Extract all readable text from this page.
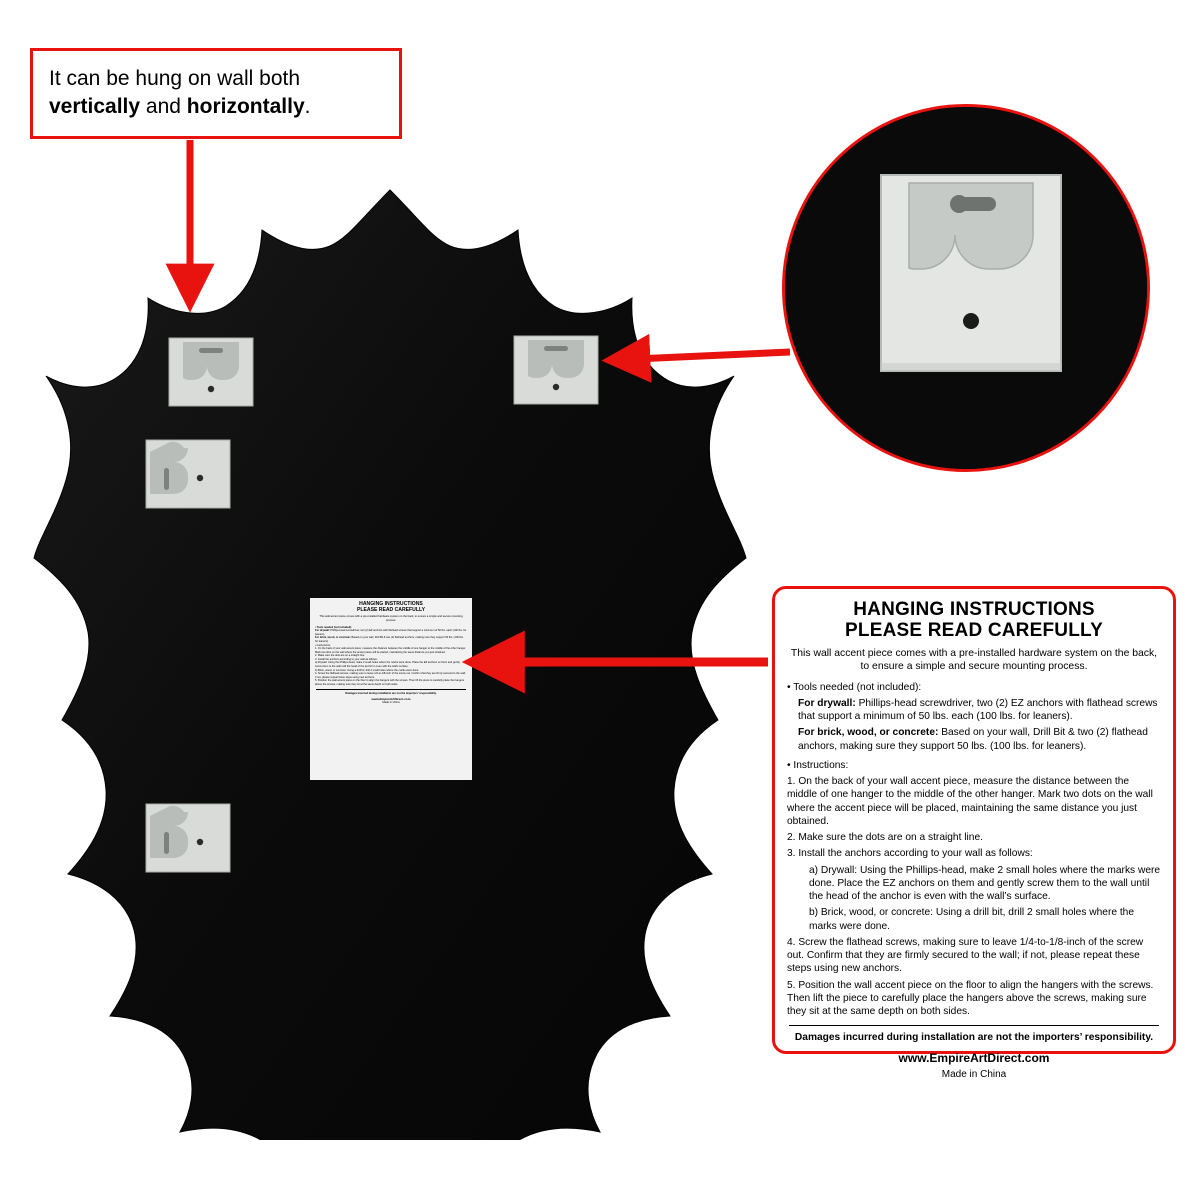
HANGING INSTRUCTIONS
PLEASE READ CAREFULLY
This wall accent piece comes with a pre-installed hardware system on the back, to ensure a simple and secure mounting process.
• Tools needed (not included):
For drywall: Phillips-head screwdriver, two (2) EZ anchors with flathead screws that support a minimum of 50 lbs. each (100 lbs. for leaners).
For brick, wood, or concrete: Based on your wall, Drill Bit & two (2) flathead anchors, making sure they support 50 lbs. (100 lbs. for leaners).
• Instructions:
1. On the back of your wall accent piece, measure the distance between the middle of one hanger to the middle of the other hanger. Mark two dots on the wall where the accent piece will be placed, maintaining the same distance you just obtained.
2. Make sure the dots are on a straight line.
3. Install the anchors according to your wall as follows:
a) Drywall: Using the Phillips-head, make 2 small holes where the marks were done. Place the EZ anchors on them and gently screw them to the wall until the head of the anchor is even with the wall’s surface.
b) Brick, wood, or concrete: Using a drill bit, drill 2 small holes where the marks were done.
4. Screw the flathead screws, making sure to leave 1/4-to-1/8-inch of the screw out. Confirm that they are firmly secured to the wall; if not, please repeat these steps using new anchors.
5. Position the wall accent piece on the floor to align the hangers with the screws. Then lift the piece to carefully place the hangers above the screws, making sure they sit at the same depth on both sides.
Damages incurred during installation are not the importers’ responsibility.
www.EmpireArtDirect.com
Made in China
It can be hung on wall both
vertically and horizontally.
HANGING INSTRUCTIONS
PLEASE READ CAREFULLY
This wall accent piece comes with a pre-installed hardware system on the back,
to ensure a simple and secure mounting process.
• Tools needed (not included):
For drywall: Phillips-head screwdriver, two (2) EZ anchors with flathead screws that support a minimum of 50 lbs. each (100 lbs. for leaners).
For brick, wood, or concrete: Based on your wall, Drill Bit & two (2) flathead anchors, making sure they support 50 lbs. (100 lbs. for leaners).
• Instructions:
1. On the back of your wall accent piece, measure the distance between the middle of one hanger to the middle of the other hanger. Mark two dots on the wall where the accent piece will be placed, maintaining the same distance you just obtained.
2. Make sure the dots are on a straight line.
3. Install the anchors according to your wall as follows:
a) Drywall: Using the Phillips-head, make 2 small holes where the marks were done. Place the EZ anchors on them and gently screw them to the wall until the head of the anchor is even with the wall’s surface.
b) Brick, wood, or concrete: Using a drill bit, drill 2 small holes where the marks were done.
4. Screw the flathead screws, making sure to leave 1/4-to-1/8-inch of the screw out. Confirm that they are firmly secured to the wall; if not, please repeat these steps using new anchors.
5. Position the wall accent piece on the floor to align the hangers with the screws. Then lift the piece to carefully place the hangers above the screws, making sure they sit at the same depth on both sides.
Damages incurred during installation are not the importers’ responsibility.
www.EmpireArtDirect.com
Made in China
